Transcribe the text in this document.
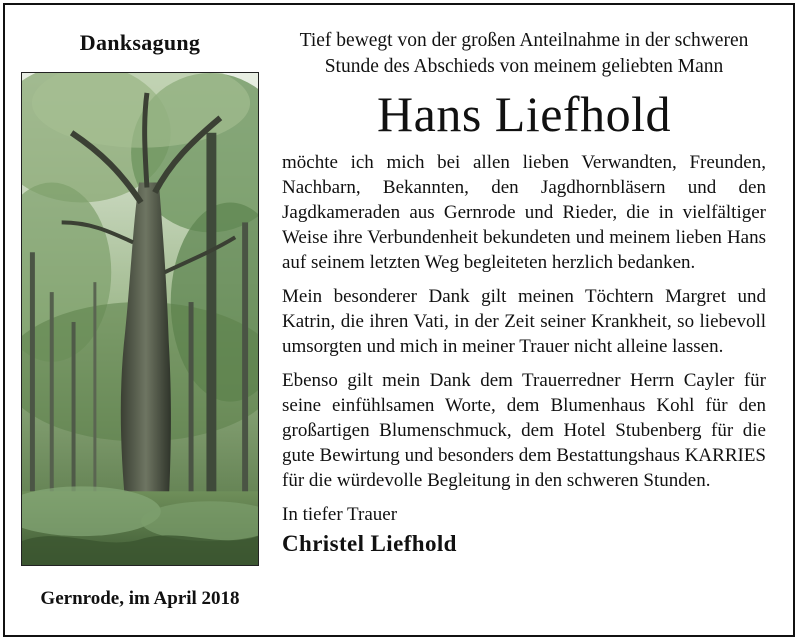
Danksagung
Gernrode, im April 2018

Tief bewegt von der großen Anteilnahme in der schweren

Stunde des Abschieds von meinem geliebten Mann

Hans Liefhold

möchte ich mich bei allen lieben Verwandten, Freunden, Nachbarn, Bekannten, den Jagdhornbläsern und den Jagdkameraden aus Gernrode und Rieder, die in vielfältiger Weise ihre Verbundenheit bekundeten und meinem lieben Hans auf seinem letzten Weg begleiteten herzlich bedanken.

Mein besonderer Dank gilt meinen Töchtern Margret und Katrin, die ihren Vati, in der Zeit seiner Krankheit, so liebevoll umsorgten und mich in meiner Trauer nicht alleine lassen.

Ebenso gilt mein Dank dem Trauerredner Herrn Cayler für seine einfühlsamen Worte, dem Blumenhaus Kohl für den großartigen Blumenschmuck, dem Hotel Stubenberg für die gute Bewirtung und besonders dem Bestattungshaus KARRIES für die würdevolle Begleitung in den schweren Stunden.

In tiefer Trauer

Christel Liefhold
